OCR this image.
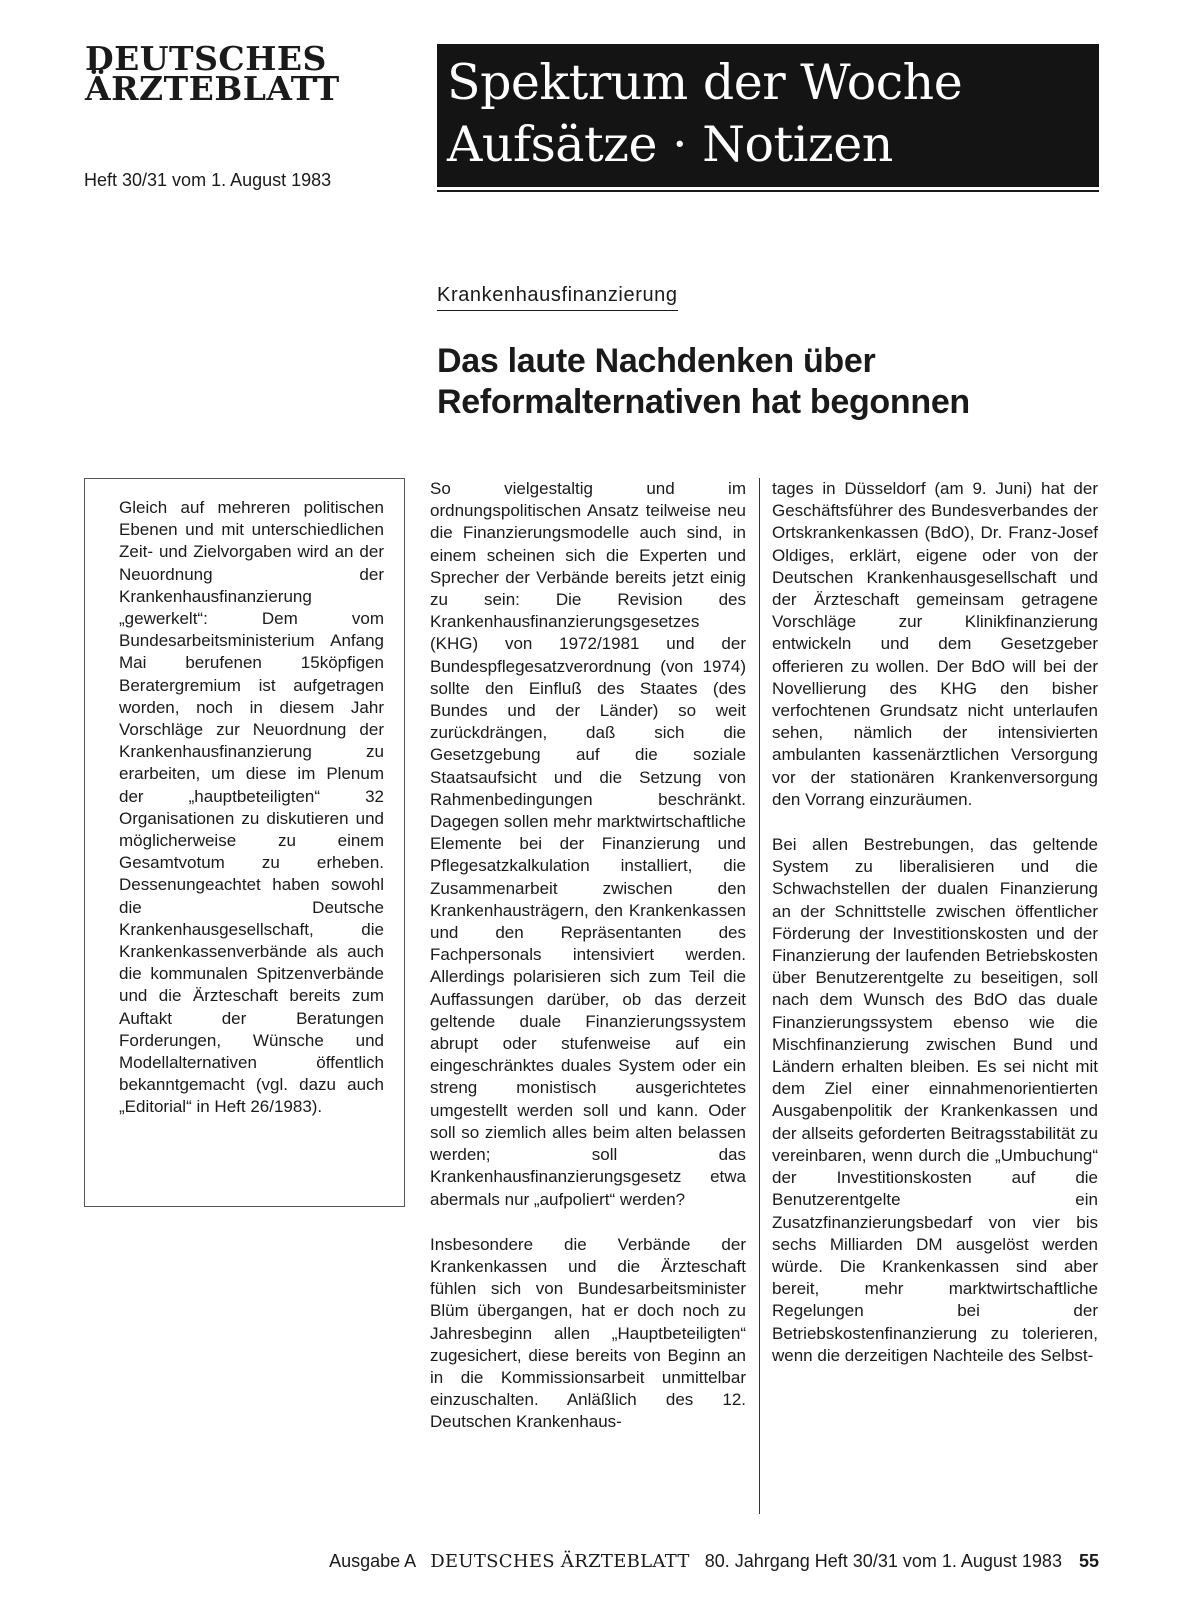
DEUTSCHES
ÄRZTEBLATT
Heft 30/31 vom 1. August 1983
Spektrum der Woche
Aufsätze · Notizen
Krankenhausfinanzierung
Das laute Nachdenken über
Reformalternativen hat begonnen

Gleich auf mehreren politischen Ebenen und mit unterschiedlichen Zeit- und Zielvorgaben wird an der Neuordnung der Krankenhausfinanzierung „gewerkelt“: Dem vom Bundesarbeitsministerium Anfang Mai berufenen 15köpfigen Beratergremium ist aufgetragen worden, noch in diesem Jahr Vorschläge zur Neuordnung der Krankenhausfinanzierung zu erarbeiten, um diese im Plenum der „hauptbeteiligten“ 32 Organisationen zu diskutieren und möglicherweise zu einem Gesamtvotum zu erheben. Dessenungeachtet haben sowohl die Deutsche Krankenhausgesellschaft, die Krankenkassenverbände als auch die kommunalen Spitzenverbände und die Ärzteschaft bereits zum Auftakt der Beratungen Forderungen, Wünsche und Modellalternativen öffentlich bekanntgemacht (vgl. dazu auch „Editorial“ in Heft 26/1983).

So vielgestaltig und im ordnungspolitischen Ansatz teilweise neu die Finanzierungsmodelle auch sind, in einem scheinen sich die Experten und Sprecher der Verbände bereits jetzt einig zu sein: Die Revision des Krankenhausfinanzierungsgesetzes (KHG) von 1972/1981 und der Bundespflegesatzverordnung (von 1974) sollte den Einfluß des Staates (des Bundes und der Länder) so weit zurückdrängen, daß sich die Gesetzgebung auf die soziale Staatsaufsicht und die Setzung von Rahmenbedingungen beschränkt. Dagegen sollen mehr marktwirtschaftliche Elemente bei der Finanzierung und Pflegesatzkalkulation installiert, die Zusammenarbeit zwischen den Krankenhausträgern, den Krankenkassen und den Repräsentanten des Fachpersonals intensiviert werden. Allerdings polarisieren sich zum Teil die Auffassungen darüber, ob das derzeit geltende duale Finanzierungssystem abrupt oder stufenweise auf ein eingeschränktes duales System oder ein streng monistisch ausgerichtetes umgestellt werden soll und kann. Oder soll so ziemlich alles beim alten belassen werden; soll das Krankenhausfinanzierungsgesetz etwa abermals nur „aufpoliert“ werden?

Insbesondere die Verbände der Krankenkassen und die Ärzteschaft fühlen sich von Bundesarbeitsminister Blüm übergangen, hat er doch noch zu Jahresbeginn allen „Hauptbeteiligten“ zugesichert, diese bereits von Beginn an in die Kommissionsarbeit unmittelbar einzuschalten. Anläßlich des 12. Deutschen Krankenhaus-

tages in Düsseldorf (am 9. Juni) hat der Geschäftsführer des Bundesverbandes der Ortskrankenkassen (BdO), Dr. Franz-Josef Oldiges, erklärt, eigene oder von der Deutschen Krankenhausgesellschaft und der Ärzteschaft gemeinsam getragene Vorschläge zur Klinikfinanzierung entwickeln und dem Gesetzgeber offerieren zu wollen. Der BdO will bei der Novellierung des KHG den bisher verfochtenen Grundsatz nicht unterlaufen sehen, nämlich der intensivierten ambulanten kassenärztlichen Versorgung vor der stationären Krankenversorgung den Vorrang einzuräumen.

Bei allen Bestrebungen, das geltende System zu liberalisieren und die Schwachstellen der dualen Finanzierung an der Schnittstelle zwischen öffentlicher Förderung der Investitionskosten und der Finanzierung der laufenden Betriebskosten über Benutzerentgelte zu beseitigen, soll nach dem Wunsch des BdO das duale Finanzierungssystem ebenso wie die Mischfinanzierung zwischen Bund und Ländern erhalten bleiben. Es sei nicht mit dem Ziel einer einnahmenorientierten Ausgabenpolitik der Krankenkassen und der allseits geforderten Beitragsstabilität zu vereinbaren, wenn durch die „Umbuchung“ der Investitionskosten auf die Benutzerentgelte ein Zusatzfinanzierungsbedarf von vier bis sechs Milliarden DM ausgelöst werden würde. Die Krankenkassen sind aber bereit, mehr marktwirtschaftliche Regelungen bei der Betriebskostenfinanzierung zu tolerieren, wenn die derzeitigen Nachteile des Selbst-

Ausgabe A DEUTSCHES ÄRZTEBLATT 80. Jahrgang Heft 30/31 vom 1. August 1983 55
